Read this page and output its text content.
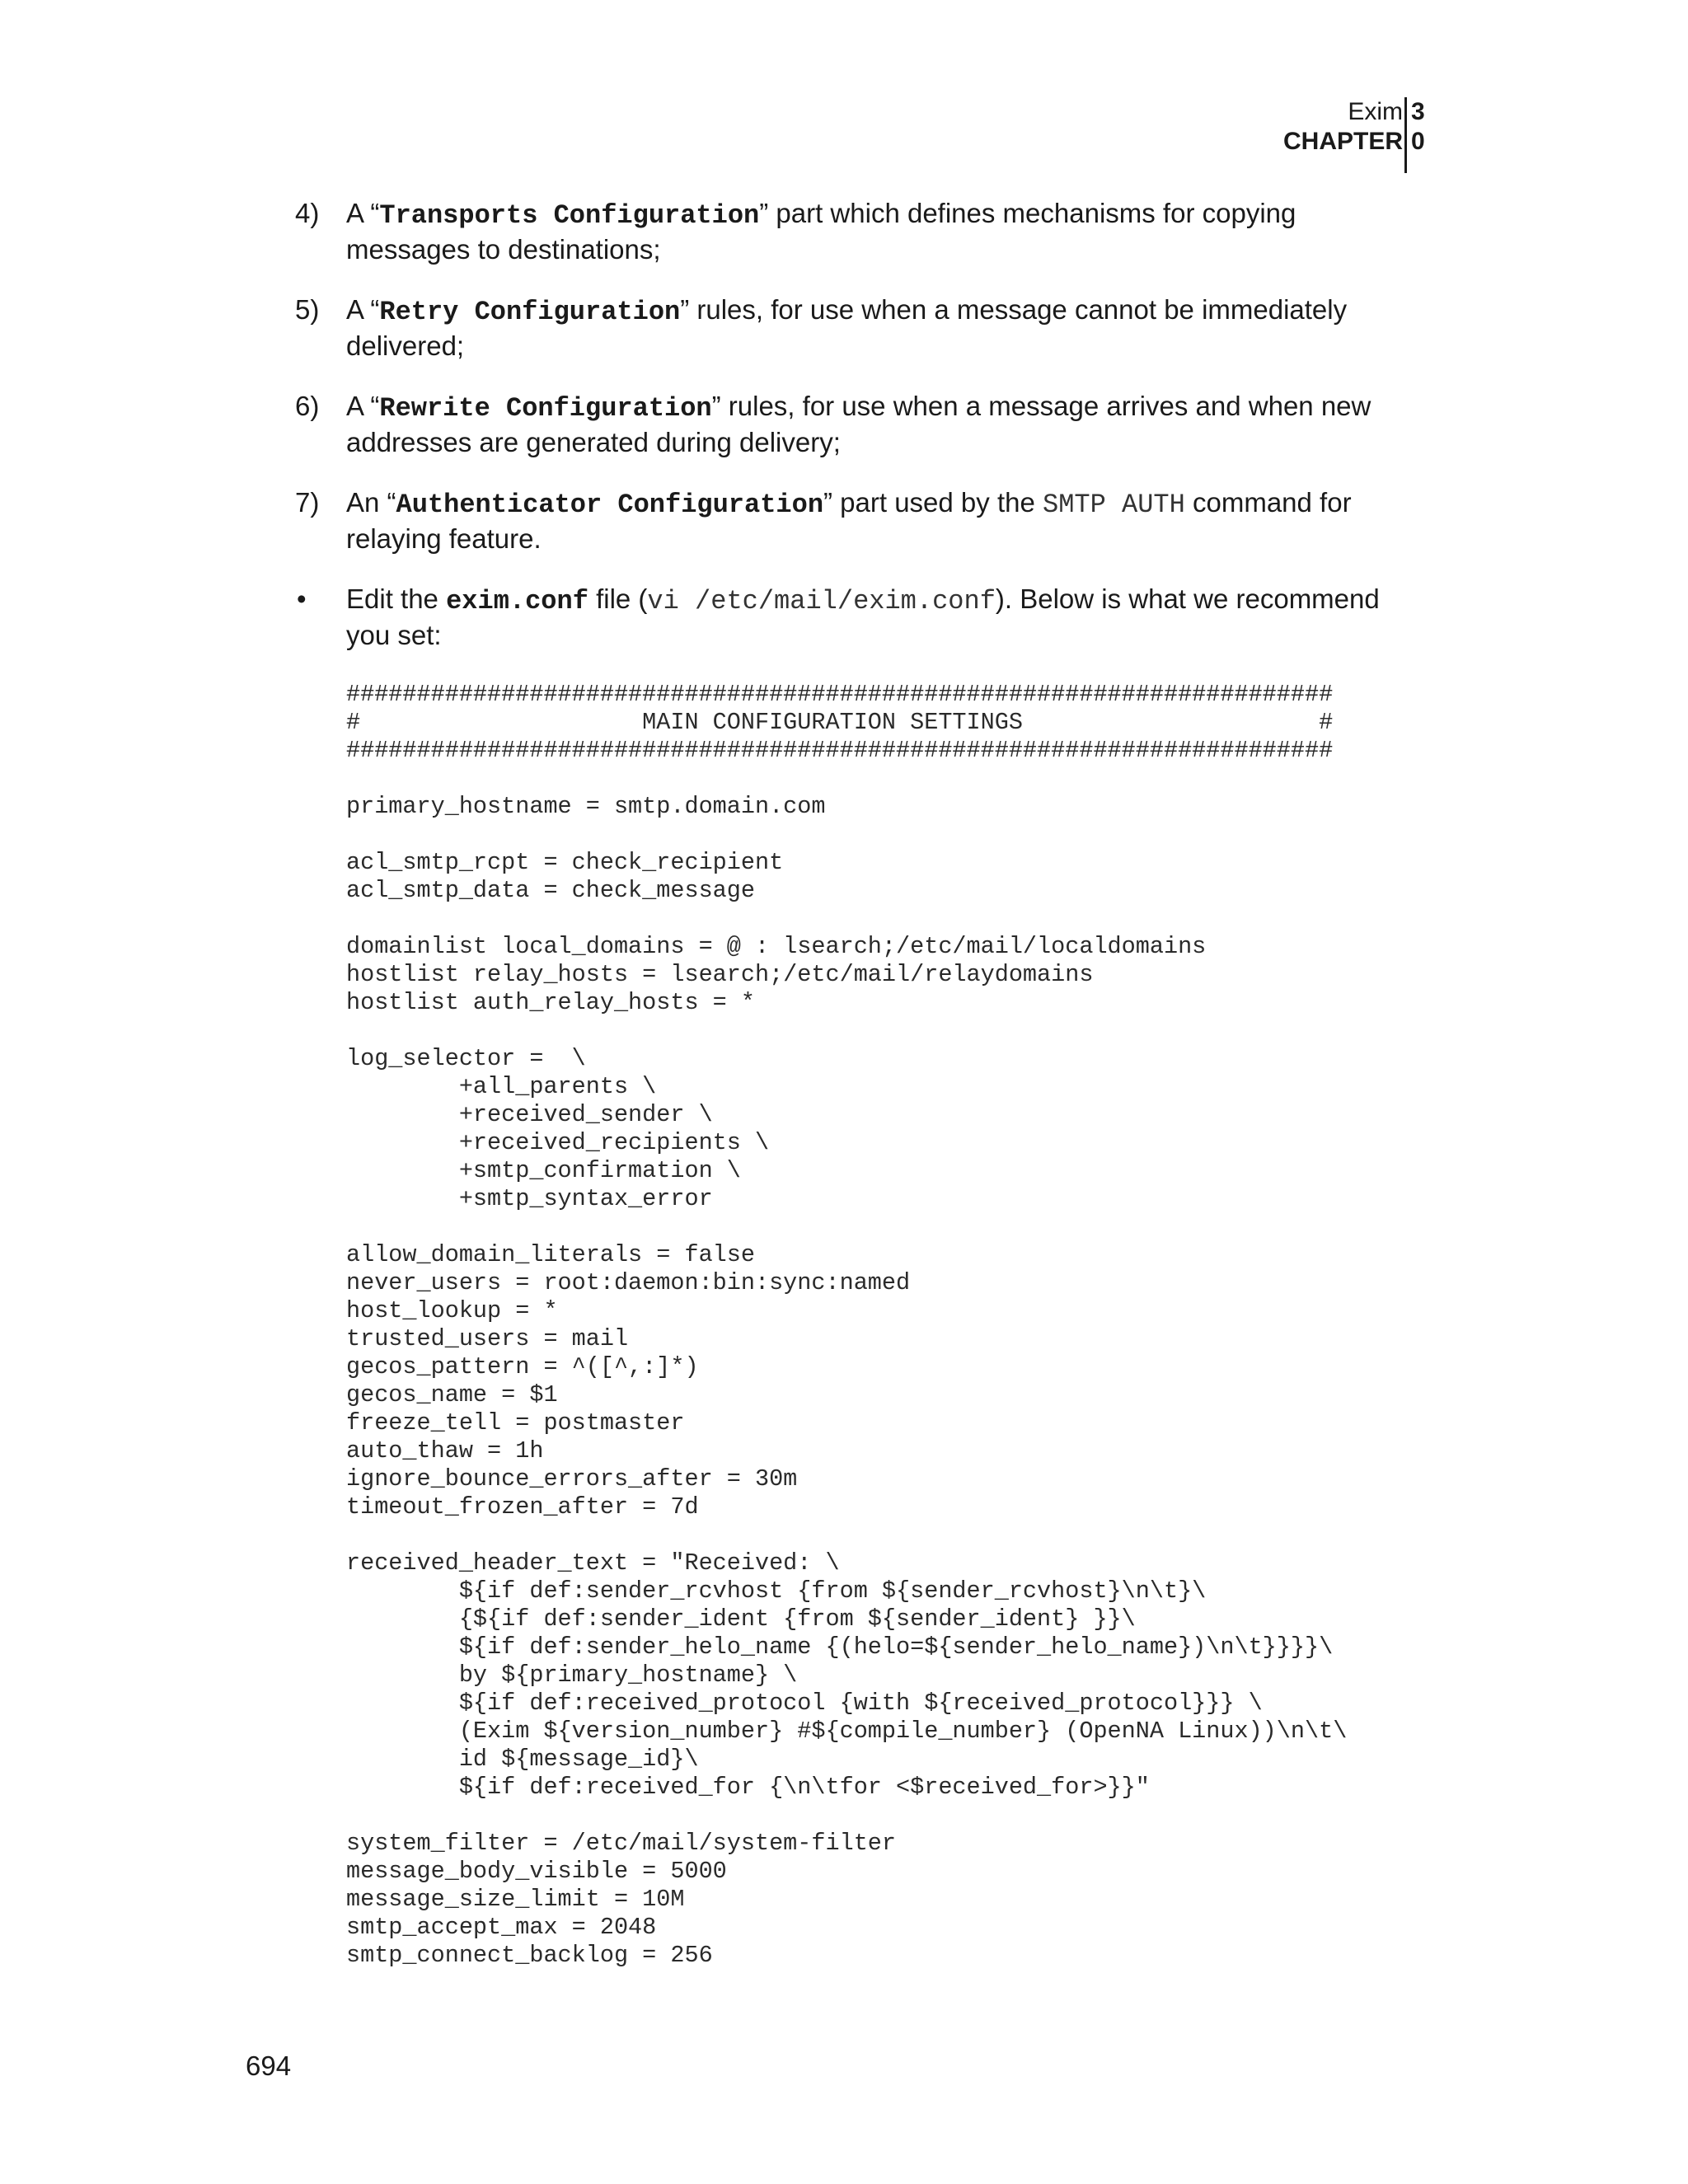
Exim
CHAPTER
3
0
4) A “Transports Configuration” part which defines mechanisms for copying
messages to destinations;
5) A “Retry Configuration” rules, for use when a message cannot be immediately
delivered;
6) A “Rewrite Configuration” rules, for use when a message arrives and when new
addresses are generated during delivery;
7) An “Authenticator Configuration” part used by the SMTP AUTH command for
relaying feature.
• Edit the exim.conf file (vi /etc/mail/exim.conf). Below is what we recommend
you set:
######################################################################
#                    MAIN CONFIGURATION SETTINGS                     #
######################################################################

primary_hostname = smtp.domain.com

acl_smtp_rcpt = check_recipient
acl_smtp_data = check_message

domainlist local_domains = @ : lsearch;/etc/mail/localdomains
hostlist relay_hosts = lsearch;/etc/mail/relaydomains
hostlist auth_relay_hosts = *

log_selector =  \
+all_parents \
+received_sender \
+received_recipients \
+smtp_confirmation \
+smtp_syntax_error

allow_domain_literals = false
never_users = root:daemon:bin:sync:named
host_lookup = *
trusted_users = mail
gecos_pattern = ^([^,:]*)
gecos_name = $1
freeze_tell = postmaster
auto_thaw = 1h
ignore_bounce_errors_after = 30m
timeout_frozen_after = 7d

received_header_text = "Received: \
${if def:sender_rcvhost {from ${sender_rcvhost}\n\t}\
{${if def:sender_ident {from ${sender_ident} }}\
${if def:sender_helo_name {(helo=${sender_helo_name})\n\t}}}}\
by ${primary_hostname} \
${if def:received_protocol {with ${received_protocol}}} \
(Exim ${version_number} #${compile_number} (OpenNA Linux))\n\t\
id ${message_id}\
${if def:received_for {\n\tfor <$received_for>}}"

system_filter = /etc/mail/system-filter
message_body_visible = 5000
message_size_limit = 10M
smtp_accept_max = 2048
smtp_connect_backlog = 256
694
